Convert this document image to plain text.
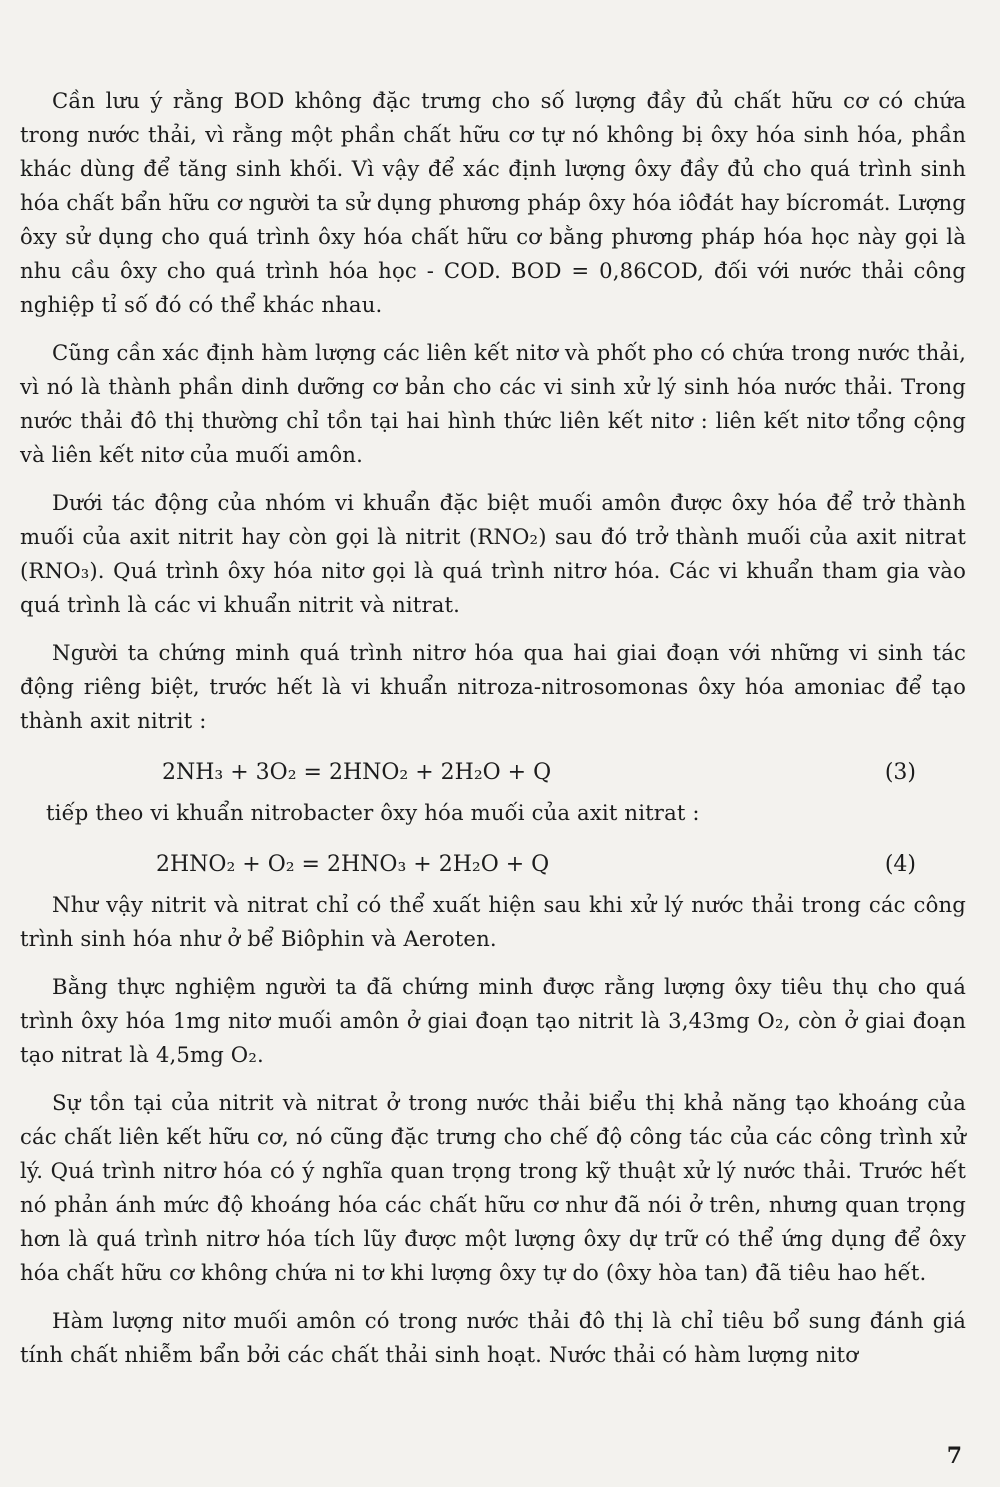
Cần lưu ý rằng BOD không đặc trưng cho số lượng đầy đủ chất hữu cơ có chứa trong nước thải, vì rằng một phần chất hữu cơ tự nó không bị ôxy hóa sinh hóa, phần khác dùng để tăng sinh khối. Vì vậy để xác định lượng ôxy đầy đủ cho quá trình sinh hóa chất bẩn hữu cơ người ta sử dụng phương pháp ôxy hóa iôđát hay bícromát. Lượng ôxy sử dụng cho quá trình ôxy hóa chất hữu cơ bằng phương pháp hóa học này gọi là nhu cầu ôxy cho quá trình hóa học - COD. BOD = 0,86COD, đối với nước thải công nghiệp tỉ số đó có thể khác nhau.

Cũng cần xác định hàm lượng các liên kết nitơ và phốt pho có chứa trong nước thải, vì nó là thành phần dinh dưỡng cơ bản cho các vi sinh xử lý sinh hóa nước thải. Trong nước thải đô thị thường chỉ tồn tại hai hình thức liên kết nitơ : liên kết nitơ tổng cộng và liên kết nitơ của muối amôn.

Dưới tác động của nhóm vi khuẩn đặc biệt muối amôn được ôxy hóa để trở thành muối của axit nitrit hay còn gọi là nitrit (RNO₂) sau đó trở thành muối của axit nitrat (RNO₃). Quá trình ôxy hóa nitơ gọi là quá trình nitrơ hóa. Các vi khuẩn tham gia vào quá trình là các vi khuẩn nitrit và nitrat.

Người ta chứng minh quá trình nitrơ hóa qua hai giai đoạn với những vi sinh tác động riêng biệt, trước hết là vi khuẩn nitroza-nitrosomonas ôxy hóa amoniac để tạo thành axit nitrit :

2NH₃ + 3O₂ = 2HNO₂ + 2H₂O + Q	(3)

tiếp theo vi khuẩn nitrobacter ôxy hóa muối của axit nitrat :

2HNO₂ + O₂ = 2HNO₃ + 2H₂O + Q	(4)

Như vậy nitrit và nitrat chỉ có thể xuất hiện sau khi xử lý nước thải trong các công trình sinh hóa như ở bể Biôphin và Aeroten.

Bằng thực nghiệm người ta đã chứng minh được rằng lượng ôxy tiêu thụ cho quá trình ôxy hóa 1mg nitơ muối amôn ở giai đoạn tạo nitrit là 3,43mg O₂, còn ở giai đoạn tạo nitrat là 4,5mg O₂.

Sự tồn tại của nitrit và nitrat ở trong nước thải biểu thị khả năng tạo khoáng của các chất liên kết hữu cơ, nó cũng đặc trưng cho chế độ công tác của các công trình xử lý. Quá trình nitrơ hóa có ý nghĩa quan trọng trong kỹ thuật xử lý nước thải. Trước hết nó phản ánh mức độ khoáng hóa các chất hữu cơ như đã nói ở trên, nhưng quan trọng hơn là quá trình nitrơ hóa tích lũy được một lượng ôxy dự trữ có thể ứng dụng để ôxy hóa chất hữu cơ không chứa ni tơ khi lượng ôxy tự do (ôxy hòa tan) đã tiêu hao hết.

Hàm lượng nitơ muối amôn có trong nước thải đô thị là chỉ tiêu bổ sung đánh giá tính chất nhiễm bẩn bởi các chất thải sinh hoạt. Nước thải có hàm lượng nitơ

7
